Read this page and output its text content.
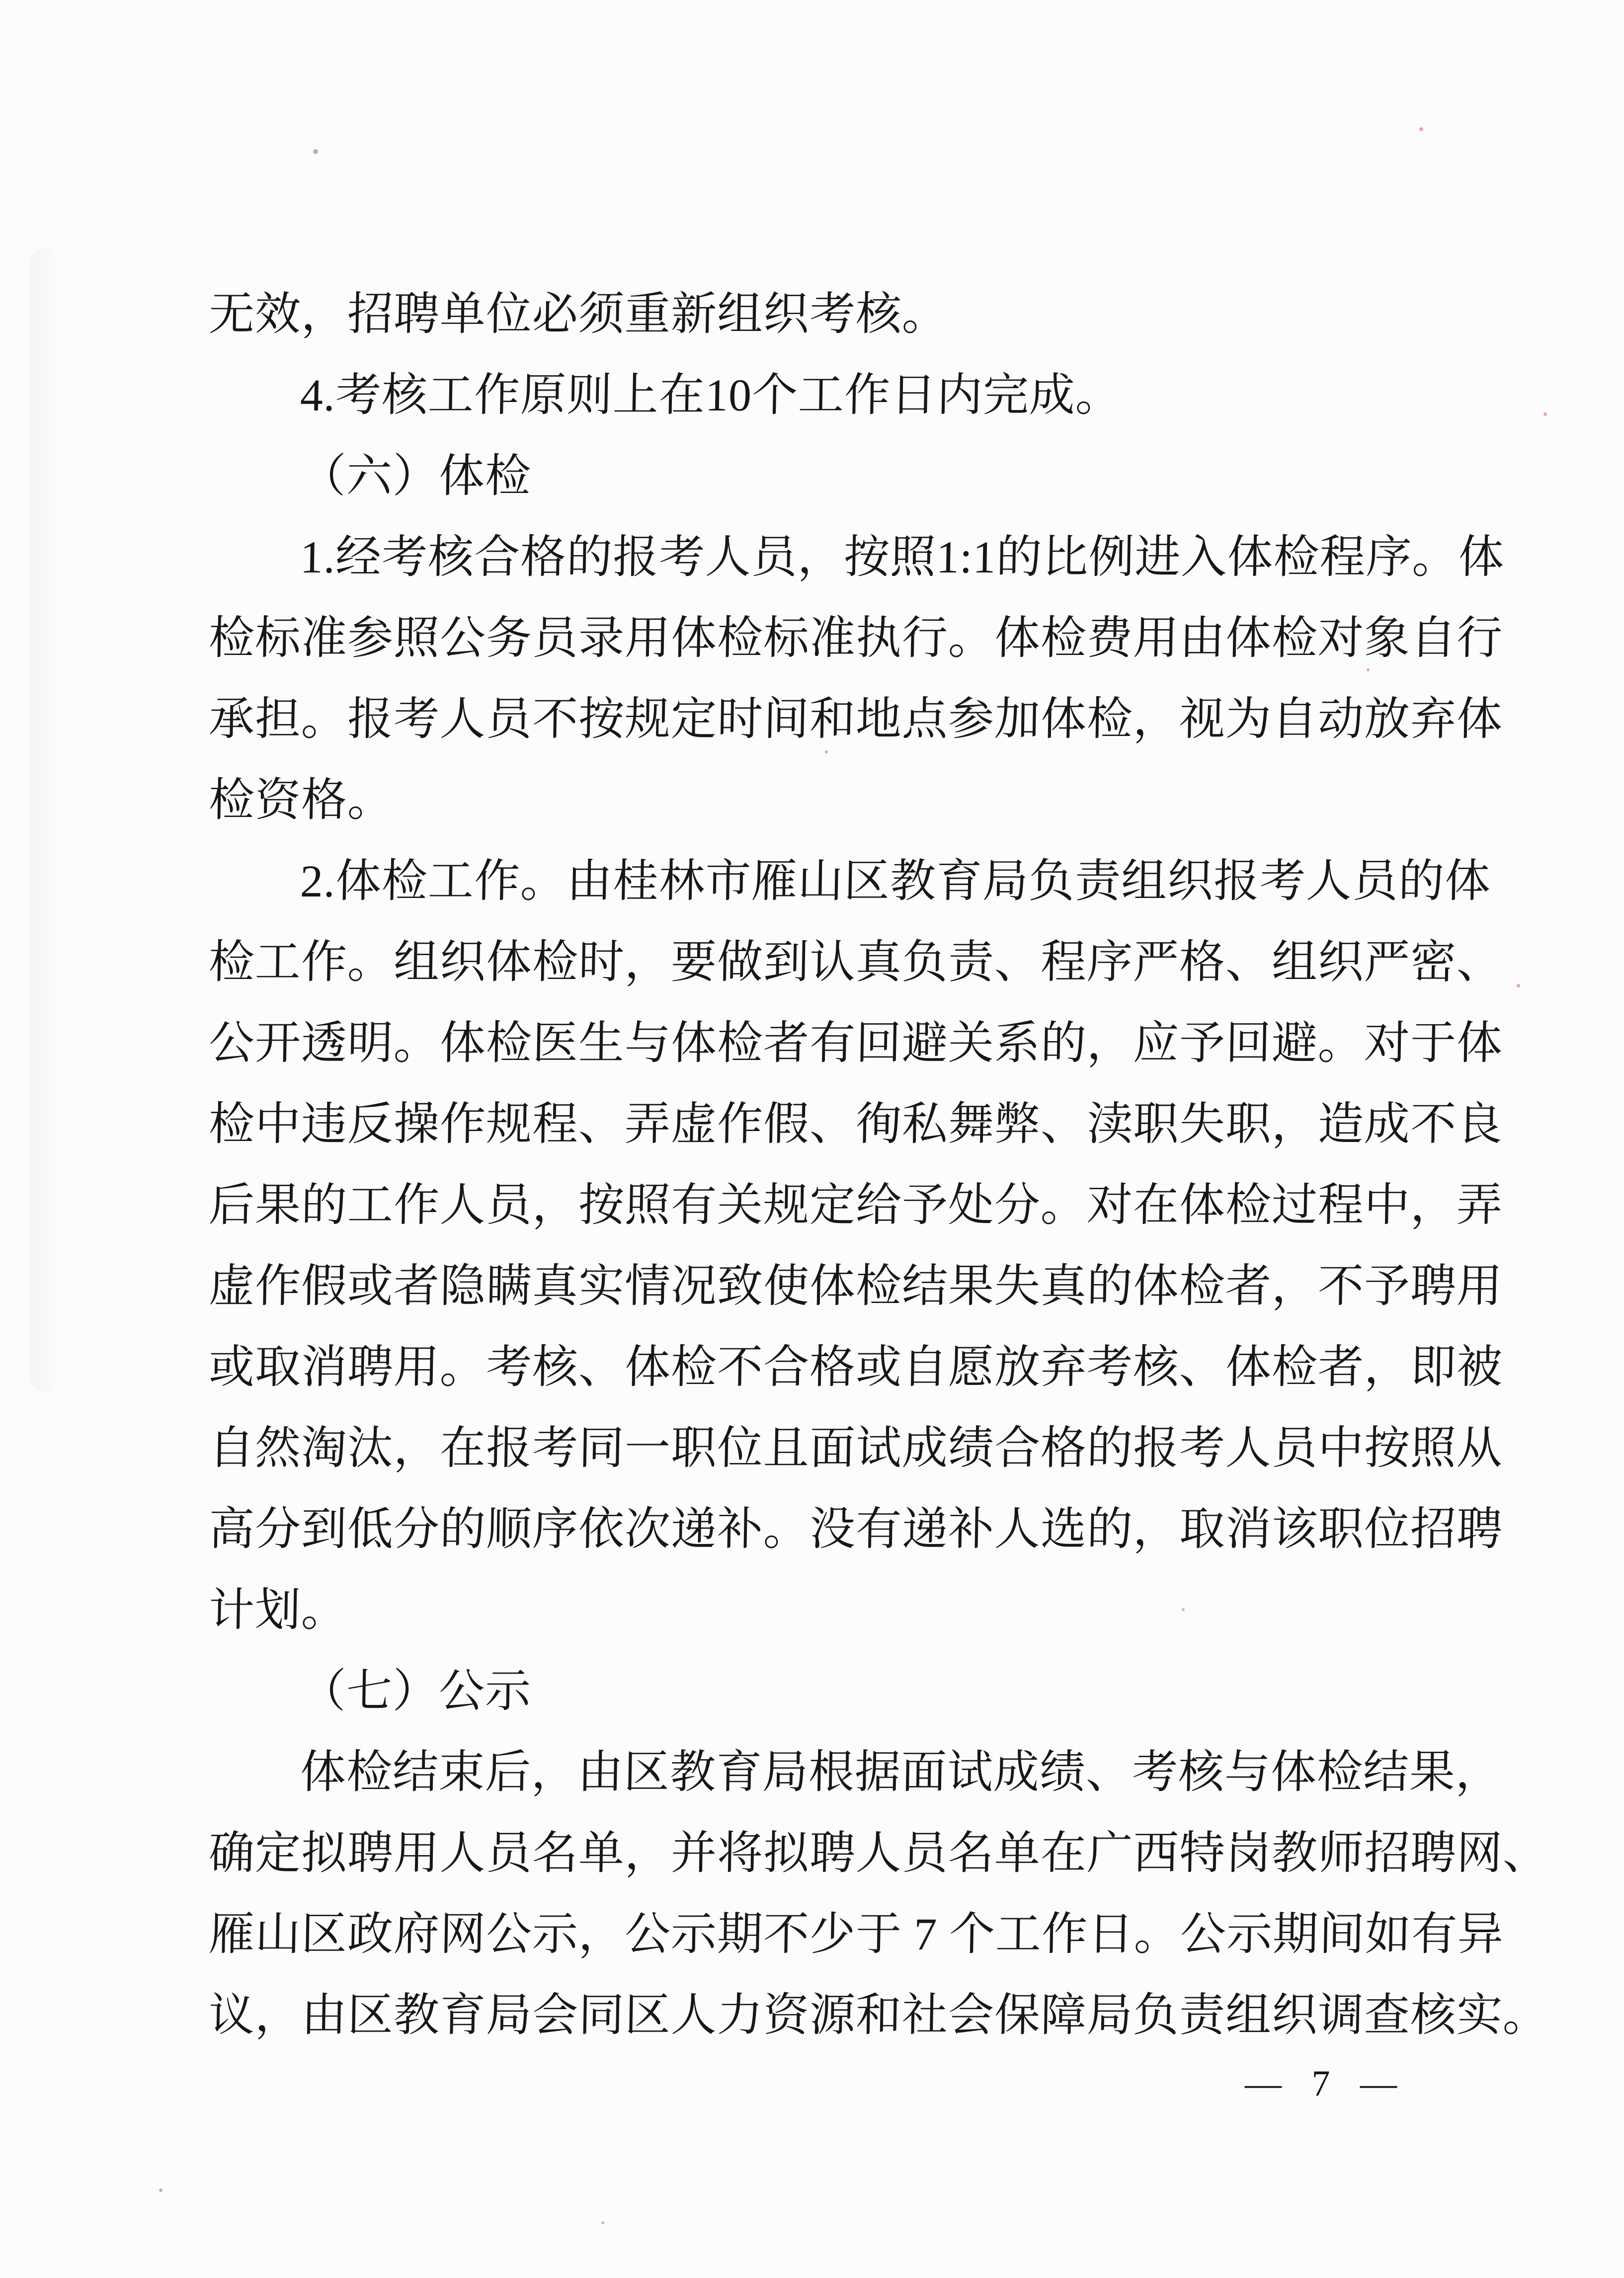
无效，招聘单位必须重新组织考核。
4.考核工作原则上在10个工作日内完成。
（六）体检
1.经考核合格的报考人员，按照1:1的比例进入体检程序。体
检标准参照公务员录用体检标准执行。体检费用由体检对象自行
承担。报考人员不按规定时间和地点参加体检，视为自动放弃体
检资格。
2.体检工作。由桂林市雁山区教育局负责组织报考人员的体
检工作。组织体检时，要做到认真负责、程序严格、组织严密、
公开透明。体检医生与体检者有回避关系的，应予回避。对于体
检中违反操作规程、弄虚作假、徇私舞弊、渎职失职，造成不良
后果的工作人员，按照有关规定给予处分。对在体检过程中，弄
虚作假或者隐瞒真实情况致使体检结果失真的体检者，不予聘用
或取消聘用。考核、体检不合格或自愿放弃考核、体检者，即被
自然淘汰，在报考同一职位且面试成绩合格的报考人员中按照从
高分到低分的顺序依次递补。没有递补人选的，取消该职位招聘
计划。
（七）公示
体检结束后，由区教育局根据面试成绩、考核与体检结果，
确定拟聘用人员名单，并将拟聘人员名单在广西特岗教师招聘网、
雁山区政府网公示，公示期不少于 7 个工作日。公示期间如有异
议，由区教育局会同区人力资源和社会保障局负责组织调查核实。
— 7 —
